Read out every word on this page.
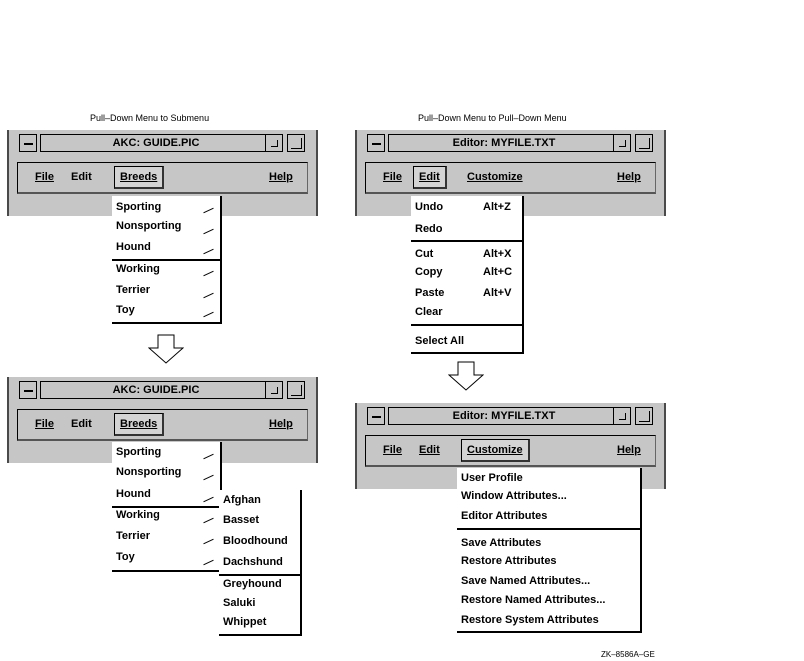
Pull–Down Menu to Submenu	Pull–Down Menu to Pull–Down Menu
AKC: GUIDE.PIC
File Edit	Breeds	Help
Sporting
Nonsporting
Hound
Working
Terrier
Toy
AKC: GUIDE.PIC
File Edit	Breeds	Help
Sporting
Nonsporting
Hound
Working
Terrier
Toy
Afghan
Basset
Bloodhound
Dachshund
Greyhound
Saluki
Whippet
Editor: MYFILE.TXT
File	Edit	Customize	Help
Undo	Alt+Z
Redo
Cut	Alt+X
Copy	Alt+C
Paste	Alt+V
Clear
Select All
Editor: MYFILE.TXT
File Edit	Customize	Help
User Profile
Window Attributes...
Editor Attributes
Save Attributes
Restore Attributes
Save Named Attributes...
Restore Named Attributes...
Restore System Attributes
ZK–8586A–GE
